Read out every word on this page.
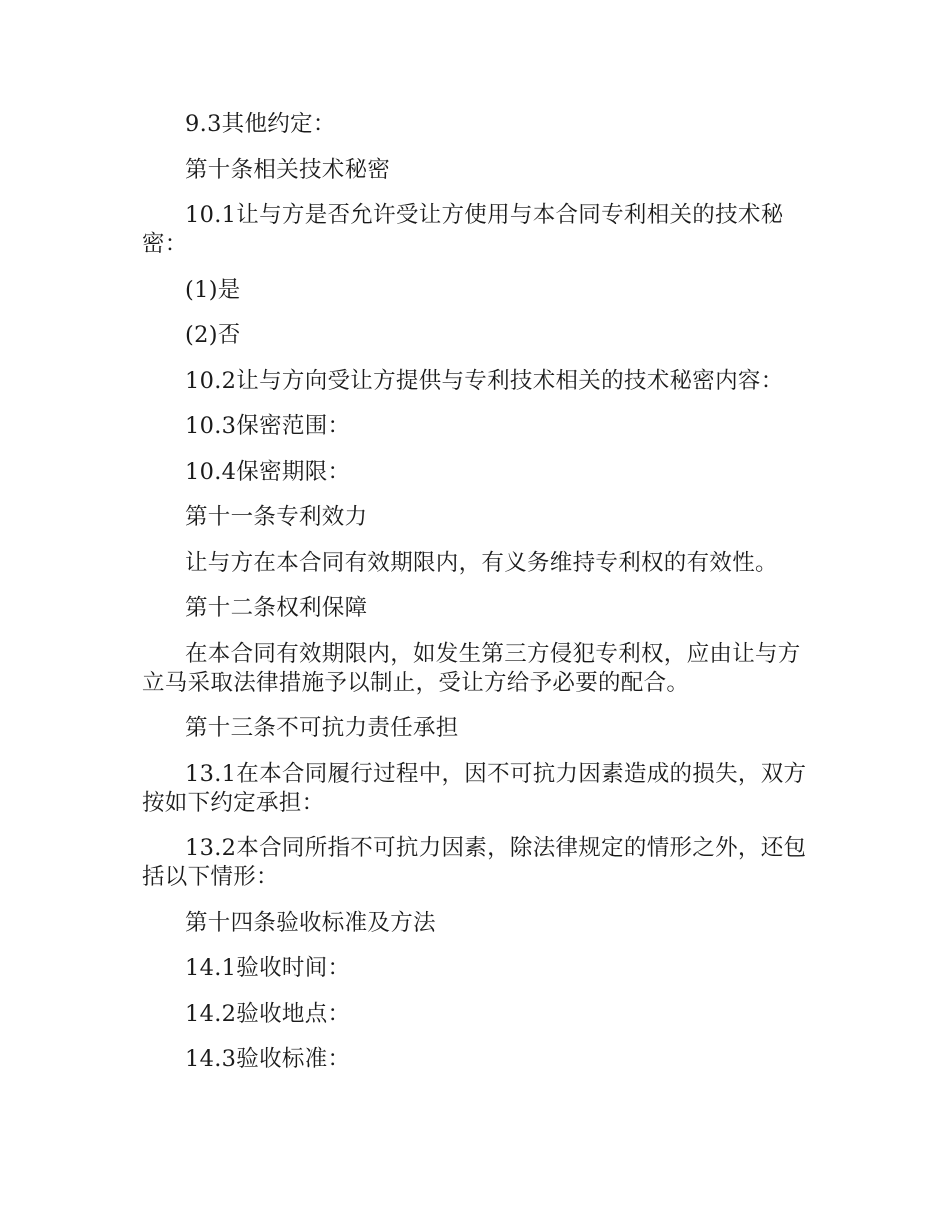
9.3其他约定：

第十条相关技术秘密

10.1让与方是否允许受让方使用与本合同专利相关的技术秘密：

(1)是

(2)否

10.2让与方向受让方提供与专利技术相关的技术秘密内容：

10.3保密范围：

10.4保密期限：

第十一条专利效力

让与方在本合同有效期限内，有义务维持专利权的有效性。

第十二条权利保障

在本合同有效期限内，如发生第三方侵犯专利权，应由让与方立马采取法律措施予以制止，受让方给予必要的配合。

第十三条不可抗力责任承担

13.1在本合同履行过程中，因不可抗力因素造成的损失，双方按如下约定承担：

13.2本合同所指不可抗力因素，除法律规定的情形之外，还包括以下情形：

第十四条验收标准及方法

14.1验收时间：

14.2验收地点：

14.3验收标准：
